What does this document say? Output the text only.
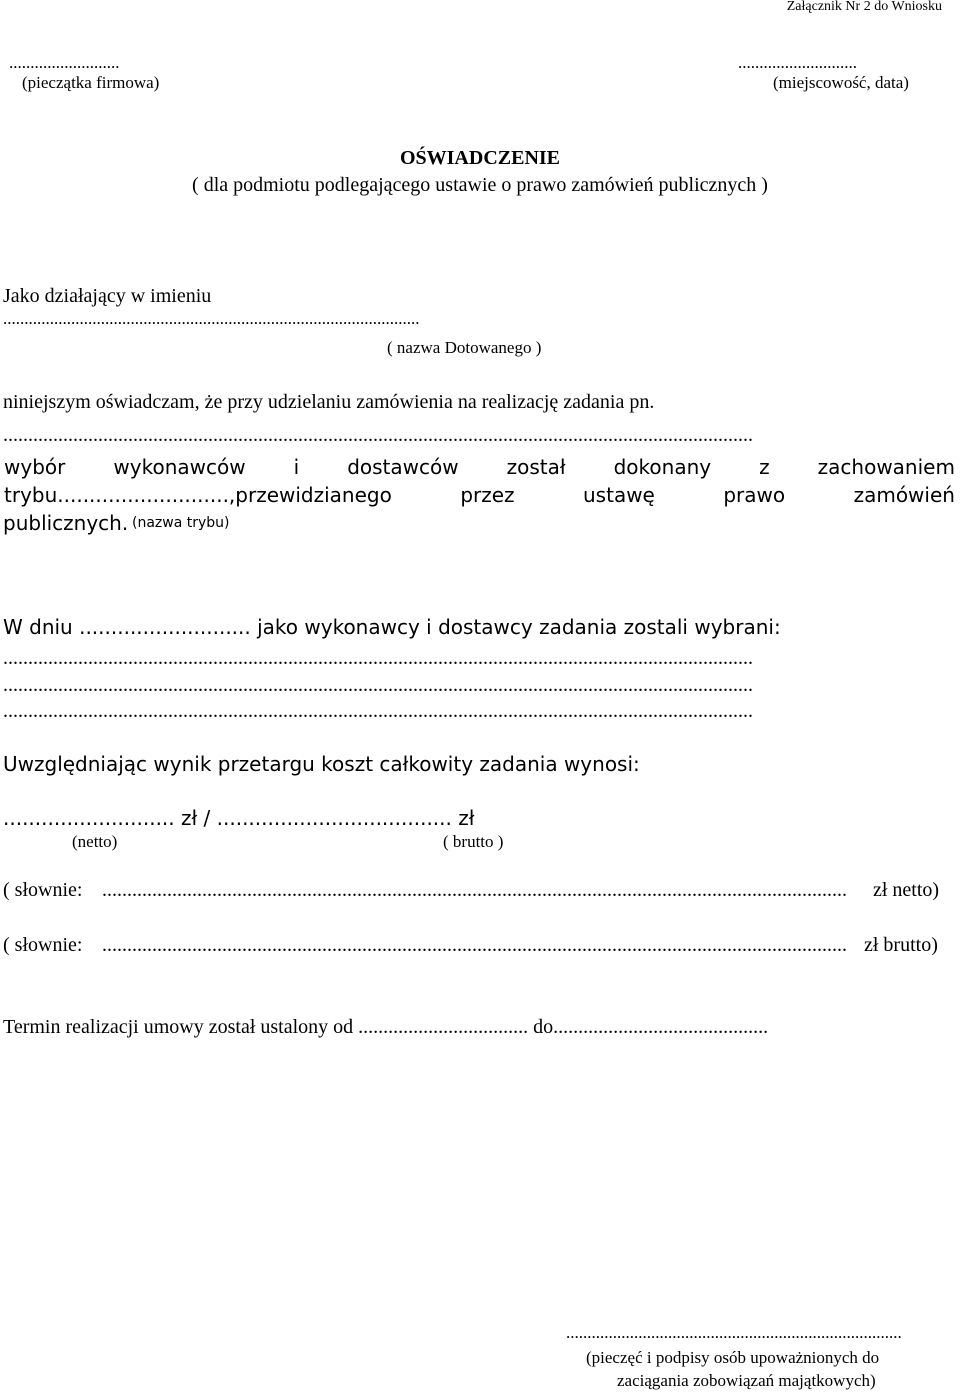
Załącznik Nr 2 do Wniosku
..........................
(pieczątka firmowa)
............................
(miejscowość, data)
OŚWIADCZENIE
( dla podmiotu podlegającego ustawie o prawo zamówień publicznych )
Jako działający w imieniu
..................................................................................................
( nazwa Dotowanego )
niniejszym oświadczam, że przy udzielaniu zamówienia na realizację zadania pn.
......................................................................................................................................................
wybór wykonawców i dostawców został dokonany z zachowaniem
trybu...........................,przewidzianego	przez	ustawę	prawo	zamówień
publicznych. (nazwa trybu)
W dniu ........................... jako wykonawcy i dostawcy zadania zostali wybrani:
......................................................................................................................................................
......................................................................................................................................................
......................................................................................................................................................
Uwzględniając wynik przetargu koszt całkowity zadania wynosi:
........................... zł / ..................................... zł
(netto)	( brutto )
( słownie: .....................................................................................................................................................	zł netto)
( słownie: ..................................................................................................................................................... zł brutto)
Termin realizacji umowy został ustalony od .................................. do...........................................
...............................................................................
(pieczęć i podpisy osób upoważnionych do
zaciągania zobowiązań majątkowych)
